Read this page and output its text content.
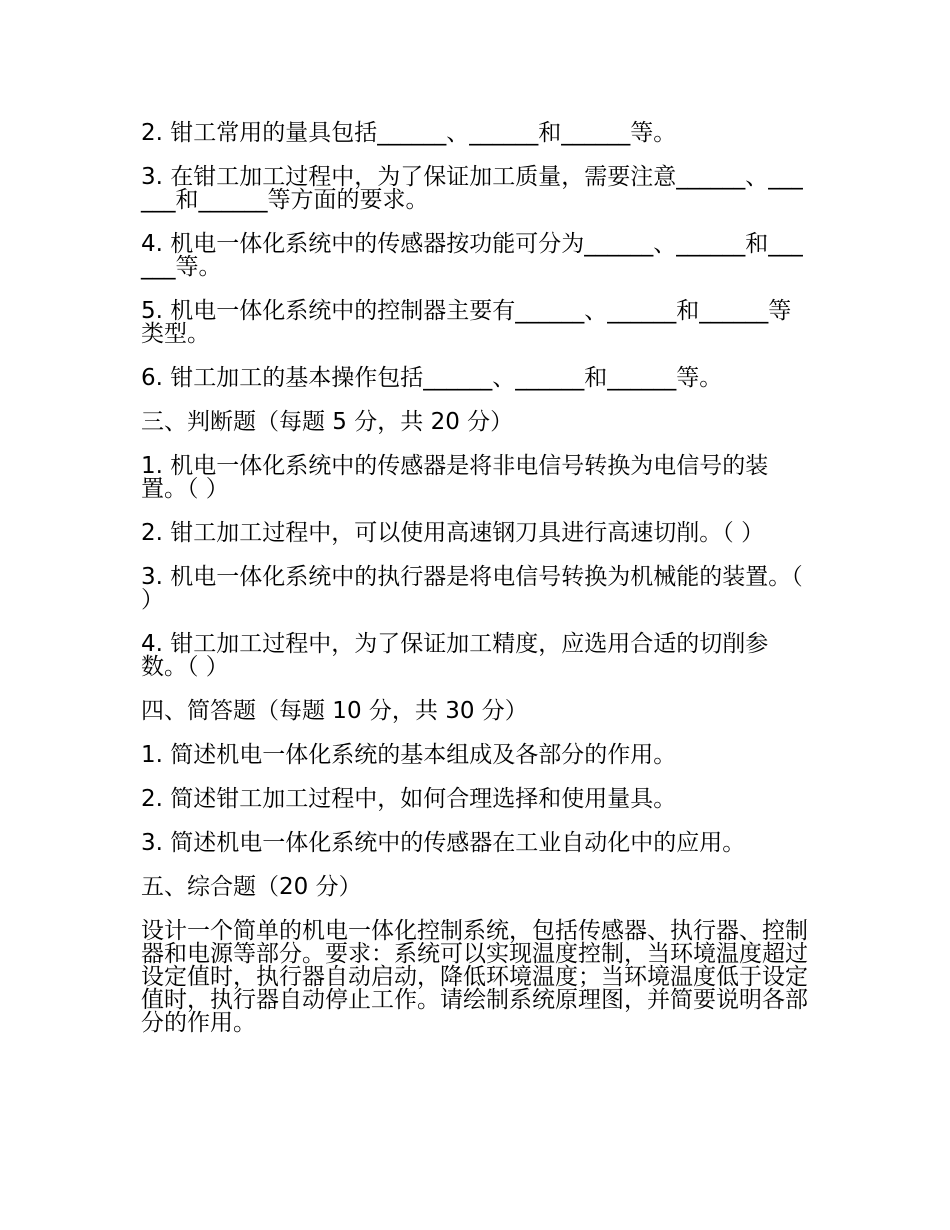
2. 钳工常用的量具包括______、______和______等。

3. 在钳工加工过程中，为了保证加工质量，需要注意______、______和______等方面的要求。

4. 机电一体化系统中的传感器按功能可分为______、______和______等。

5. 机电一体化系统中的控制器主要有______、______和______等类型。

6. 钳工加工的基本操作包括______、______和______等。

三、判断题（每题 5 分，共 20 分）

1. 机电一体化系统中的传感器是将非电信号转换为电信号的装置。（ ）

2. 钳工加工过程中，可以使用高速钢刀具进行高速切削。（ ）

3. 机电一体化系统中的执行器是将电信号转换为机械能的装置。（ ）

4. 钳工加工过程中，为了保证加工精度，应选用合适的切削参数。（ ）

四、简答题（每题 10 分，共 30 分）

1. 简述机电一体化系统的基本组成及各部分的作用。

2. 简述钳工加工过程中，如何合理选择和使用量具。

3. 简述机电一体化系统中的传感器在工业自动化中的应用。

五、综合题（20 分）

设计一个简单的机电一体化控制系统，包括传感器、执行器、控制器和电源等部分。要求：系统可以实现温度控制，当环境温度超过设定值时，执行器自动启动，降低环境温度；当环境温度低于设定值时，执行器自动停止工作。请绘制系统原理图，并简要说明各部分的作用。
